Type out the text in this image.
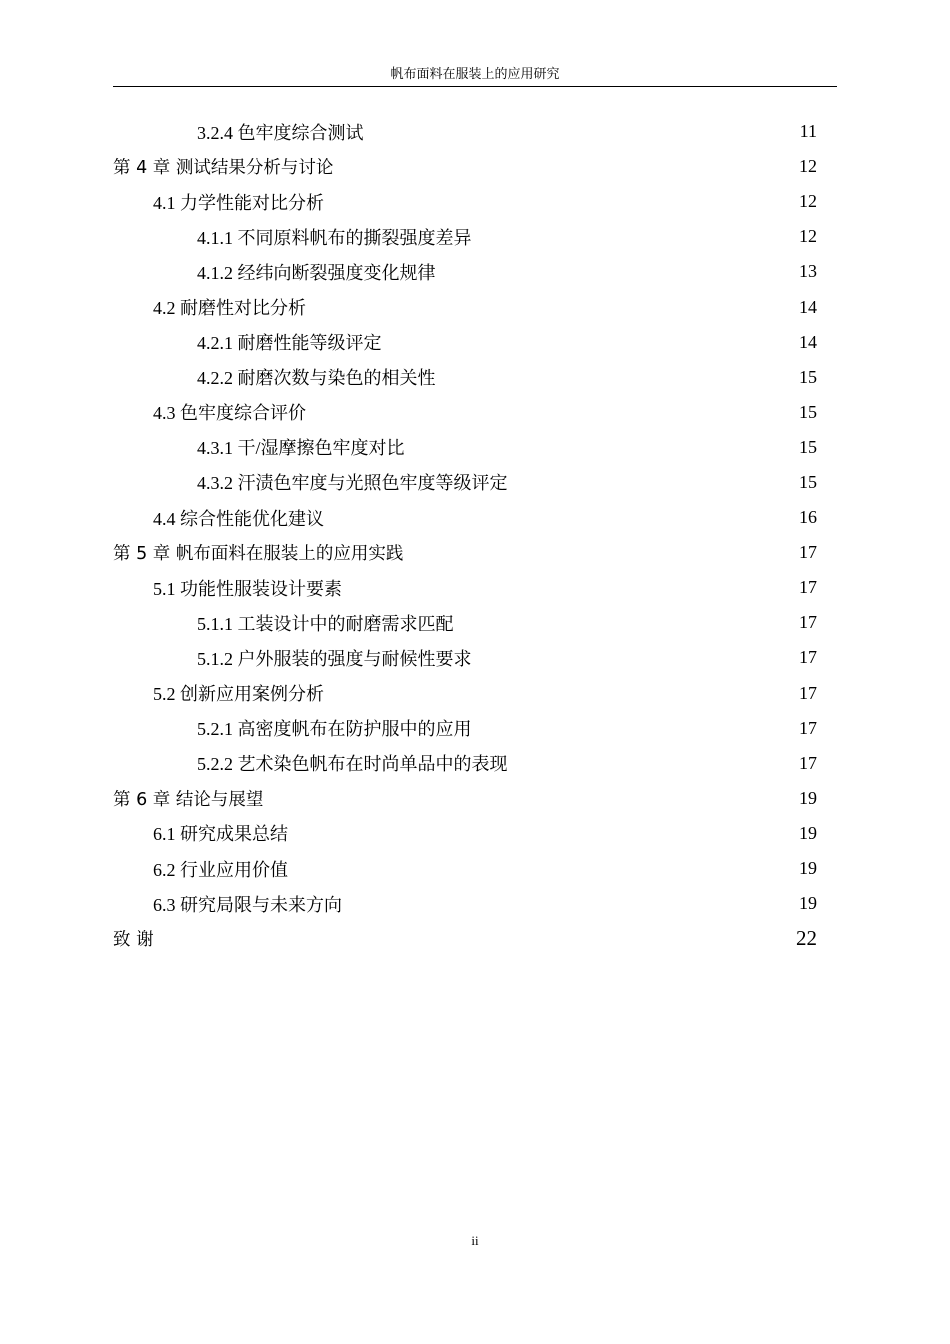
帆布面料在服装上的应用研究
3.2.4 色牢度综合测试	11
第 4 章 测试结果分析与讨论	12
4.1 力学性能对比分析	12
4.1.1 不同原料帆布的撕裂强度差异	12
4.1.2 经纬向断裂强度变化规律	13
4.2 耐磨性对比分析	14
4.2.1 耐磨性能等级评定	14
4.2.2 耐磨次数与染色的相关性	15
4.3 色牢度综合评价	15
4.3.1 干/湿摩擦色牢度对比	15
4.3.2 汗渍色牢度与光照色牢度等级评定	15
4.4 综合性能优化建议	16
第 5 章 帆布面料在服装上的应用实践	17
5.1 功能性服装设计要素	17
5.1.1 工装设计中的耐磨需求匹配	17
5.1.2 户外服装的强度与耐候性要求	17
5.2 创新应用案例分析	17
5.2.1 高密度帆布在防护服中的应用	17
5.2.2 艺术染色帆布在时尚单品中的表现	17
第 6 章 结论与展望	19
6.1 研究成果总结	19
6.2 行业应用价值	19
6.3 研究局限与未来方向	19
致 谢	22
ii
